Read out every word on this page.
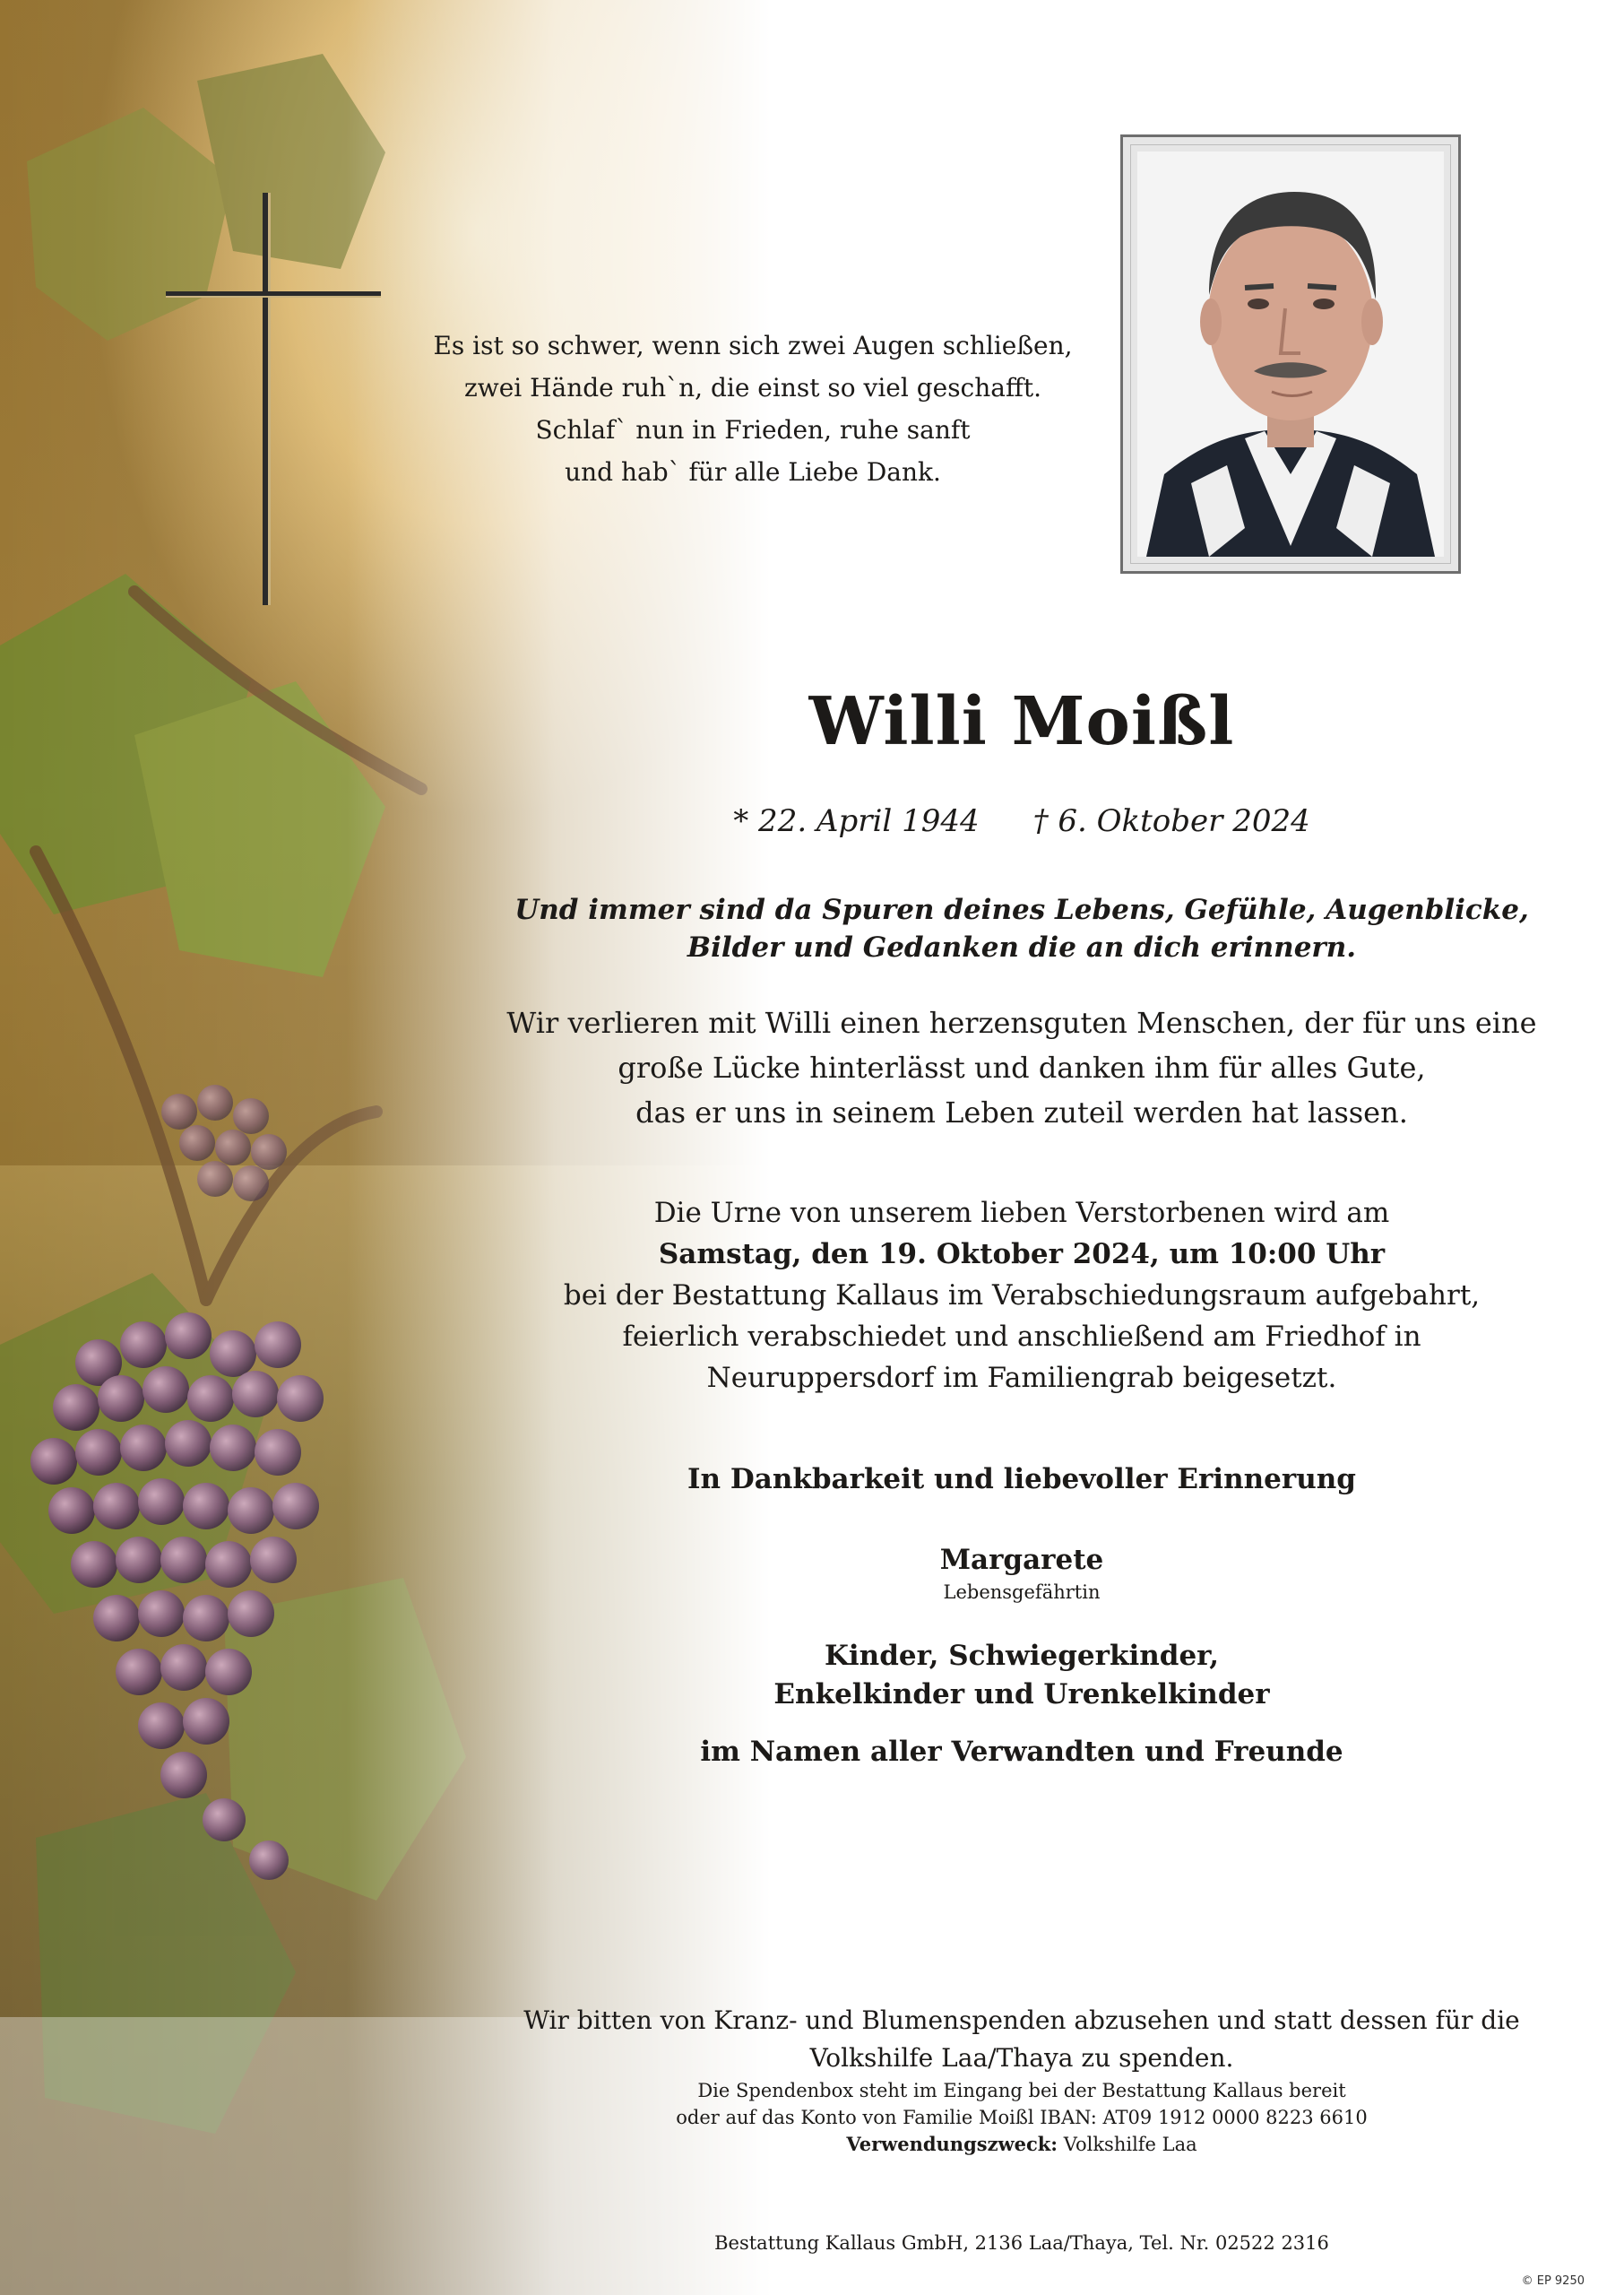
Es ist so schwer, wenn sich zwei Augen schließen,
zwei Hände ruh`n, die einst so viel geschafft.
Schlaf` nun in Frieden, ruhe sanft
und hab` für alle Liebe Dank.
Willi Moißl
* 22. April 1944 † 6. Oktober 2024
Und immer sind da Spuren deines Lebens, Gefühle, Augenblicke,
Bilder und Gedanken die an dich erinnern.
Wir verlieren mit Willi einen herzensguten Menschen, der für uns eine
große Lücke hinterlässt und danken ihm für alles Gute,
das er uns in seinem Leben zuteil werden hat lassen.
Die Urne von unserem lieben Verstorbenen wird am
Samstag, den 19. Oktober 2024, um 10:00 Uhr
bei der Bestattung Kallaus im Verabschiedungsraum aufgebahrt,
feierlich verabschiedet und anschließend am Friedhof in
Neuruppersdorf im Familiengrab beigesetzt.
In Dankbarkeit und liebevoller Erinnerung
Margarete
Lebensgefährtin
Kinder, Schwiegerkinder,
Enkelkinder und Urenkelkinder
im Namen aller Verwandten und Freunde
Wir bitten von Kranz- und Blumenspenden abzusehen und statt dessen für die
Volkshilfe Laa/Thaya zu spenden.
Die Spendenbox steht im Eingang bei der Bestattung Kallaus bereit
oder auf das Konto von Familie Moißl IBAN: AT09 1912 0000 8223 6610
Verwendungszweck: Volkshilfe Laa
Bestattung Kallaus GmbH, 2136 Laa/Thaya, Tel. Nr. 02522 2316
© EP 9250
